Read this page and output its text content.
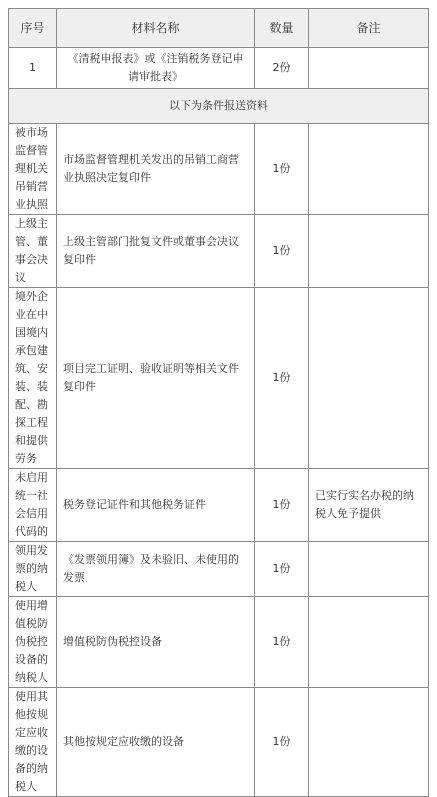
序号	材料名称	数量	备注
1	《清税申报表》或《注销税务登记申请审批表》	2份	
以下为条件报送资料			
被市场监督管理机关吊销营业执照	市场监督管理机关发出的吊销工商营业执照决定复印件	1份	
上级主管、董事会决议	上级主管部门批复文件或董事会决议复印件	1份	
境外企业在中国境内承包建筑、安装、装配、勘探工程和提供劳务	项目完工证明、验收证明等相关文件复印件	1份	
未启用统一社会信用代码的	税务登记证件和其他税务证件	1份	已实行实名办税的纳税人免予提供
领用发票的纳税人	《发票领用簿》及未验旧、未使用的发票	1份	
使用增值税防伪税控设备的纳税人	增值税防伪税控设备	1份	
使用其他按规定应收缴的设备的纳税人	其他按规定应收缴的设备	1份	
